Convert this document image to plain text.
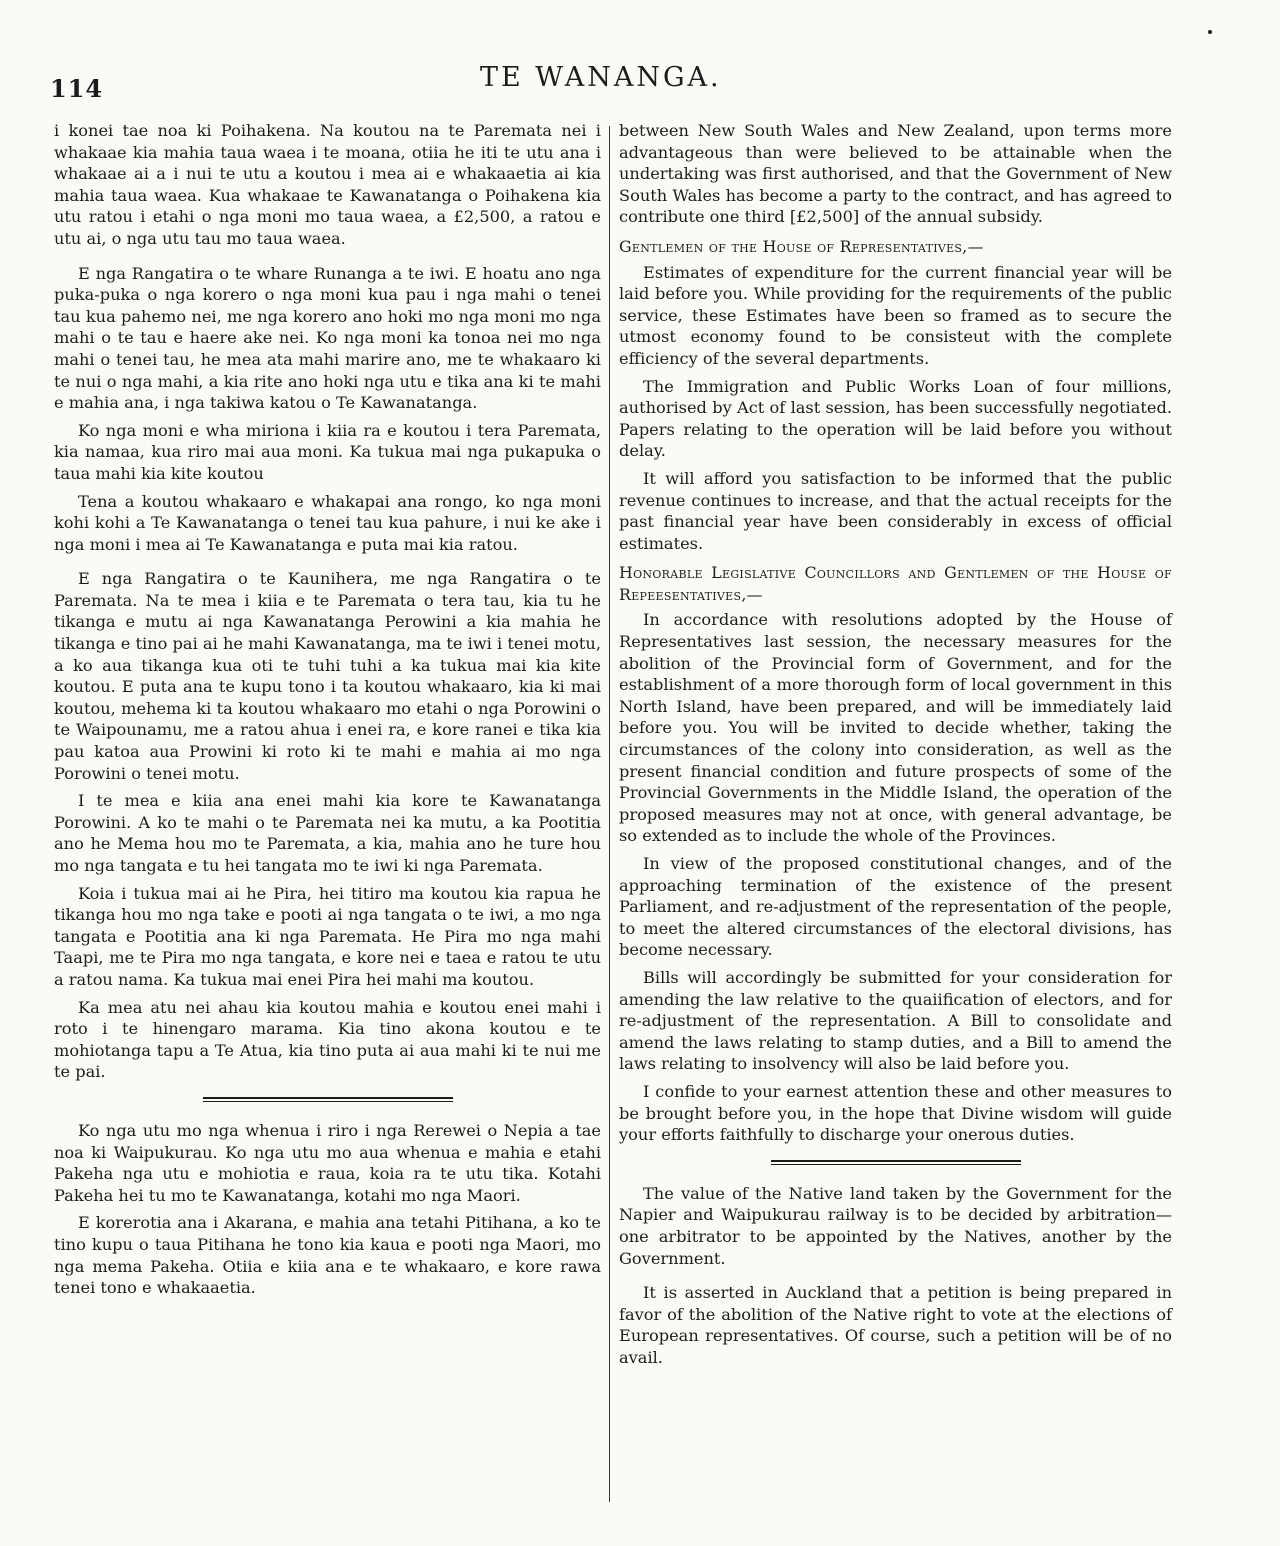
114	TE WANANGA.

i konei tae noa ki Poihakena. Na koutou na te Paremata nei i whakaae kia mahia taua waea i te moana, otiia he iti te utu ana i whakaae ai a i nui te utu a koutou i mea ai e whakaaetia ai kia mahia taua waea. Kua whakaae te Kawanatanga o Poihakena kia utu ratou i etahi o nga moni mo taua waea, a £2,500, a ratou e utu ai, o nga utu tau mo taua waea.

E nga Rangatira o te whare Runanga a te iwi. E hoatu ano nga puka-puka o nga korero o nga moni kua pau i nga mahi o tenei tau kua pahemo nei, me nga korero ano hoki mo nga moni mo nga mahi o te tau e haere ake nei. Ko nga moni ka tonoa nei mo nga mahi o tenei tau, he mea ata mahi marire ano, me te whakaaro ki te nui o nga mahi, a kia rite ano hoki nga utu e tika ana ki te mahi e mahia ana, i nga takiwa katou o Te Kawanatanga.

Ko nga moni e wha miriona i kiia ra e koutou i tera Paremata, kia namaa, kua riro mai aua moni. Ka tukua mai nga pukapuka o taua mahi kia kite koutou

Tena a koutou whakaaro e whakapai ana rongo, ko nga moni kohi kohi a Te Kawanatanga o tenei tau kua pahure, i nui ke ake i nga moni i mea ai Te Kawanatanga e puta mai kia ratou.

E nga Rangatira o te Kaunihera, me nga Rangatira o te Paremata. Na te mea i kiia e te Paremata o tera tau, kia tu he tikanga e mutu ai nga Kawanatanga Perowini a kia mahia he tikanga e tino pai ai he mahi Kawanatanga, ma te iwi i tenei motu, a ko aua tikanga kua oti te tuhi tuhi a ka tukua mai kia kite koutou. E puta ana te kupu tono i ta koutou whakaaro, kia ki mai koutou, mehema ki ta koutou whakaaro mo etahi o nga Porowini o te Waipounamu, me a ratou ahua i enei ra, e kore ranei e tika kia pau katoa aua Prowini ki roto ki te mahi e mahia ai mo nga Porowini o tenei motu.

I te mea e kiia ana enei mahi kia kore te Kawanatanga Porowini. A ko te mahi o te Paremata nei ka mutu, a ka Pootitia ano he Mema hou mo te Paremata, a kia, mahia ano he ture hou mo nga tangata e tu hei tangata mo te iwi ki nga Paremata.

Koia i tukua mai ai he Pira, hei titiro ma koutou kia rapua he tikanga hou mo nga take e pooti ai nga tangata o te iwi, a mo nga tangata e Pootitia ana ki nga Paremata. He Pira mo nga mahi Taapi, me te Pira mo nga tangata, e kore nei e taea e ratou te utu a ratou nama. Ka tukua mai enei Pira hei mahi ma koutou.

Ka mea atu nei ahau kia koutou mahia e koutou enei mahi i roto i te hinengaro marama. Kia tino akona koutou e te mohiotanga tapu a Te Atua, kia tino puta ai aua mahi ki te nui me te pai.

Ko nga utu mo nga whenua i riro i nga Rerewei o Nepia a tae noa ki Waipukurau. Ko nga utu mo aua whenua e mahia e etahi Pakeha nga utu e mohiotia e raua, koia ra te utu tika. Kotahi Pakeha hei tu mo te Kawanatanga, kotahi mo nga Maori.

E korerotia ana i Akarana, e mahia ana tetahi Pitihana, a ko te tino kupu o taua Pitihana he tono kia kaua e pooti nga Maori, mo nga mema Pakeha. Otiia e kiia ana e te whakaaro, e kore rawa tenei tono e whakaaetia.

between New South Wales and New Zealand, upon terms more advantageous than were believed to be attainable when the undertaking was first authorised, and that the Government of New South Wales has become a party to the contract, and has agreed to contribute one third [£2,500] of the annual subsidy.

Gentlemen of the House of Representatives,—

Estimates of expenditure for the current financial year will be laid before you. While providing for the requirements of the public service, these Estimates have been so framed as to secure the utmost economy found to be consisteut with the complete efficiency of the several departments.

The Immigration and Public Works Loan of four millions, authorised by Act of last session, has been successfully negotiated. Papers relating to the operation will be laid before you without delay.

It will afford you satisfaction to be informed that the public revenue continues to increase, and that the actual receipts for the past financial year have been considerably in excess of official estimates.

Honorable Legislative Councillors and Gentlemen of the House of Repeesentatives,—

In accordance with resolutions adopted by the House of Representatives last session, the necessary measures for the abolition of the Provincial form of Government, and for the establishment of a more thorough form of local government in this North Island, have been prepared, and will be immediately laid before you. You will be invited to decide whether, taking the circumstances of the colony into consideration, as well as the present financial condition and future prospects of some of the Provincial Governments in the Middle Island, the operation of the proposed measures may not at once, with general advantage, be so extended as to include the whole of the Provinces.

In view of the proposed constitutional changes, and of the approaching termination of the existence of the present Parliament, and re-adjustment of the representation of the people, to meet the altered circumstances of the electoral divisions, has become necessary.

Bills will accordingly be submitted for your consideration for amending the law relative to the quaiification of electors, and for re-adjustment of the representation. A Bill to consolidate and amend the laws relating to stamp duties, and a Bill to amend the laws relating to insolvency will also be laid before you.

I confide to your earnest attention these and other measures to be brought before you, in the hope that Divine wisdom will guide your efforts faithfully to discharge your onerous duties.

The value of the Native land taken by the Government for the Napier and Waipukurau railway is to be decided by arbitration—one arbitrator to be appointed by the Natives, another by the Government.

It is asserted in Auckland that a petition is being prepared in favor of the abolition of the Native right to vote at the elections of European representatives. Of course, such a petition will be of no avail.
